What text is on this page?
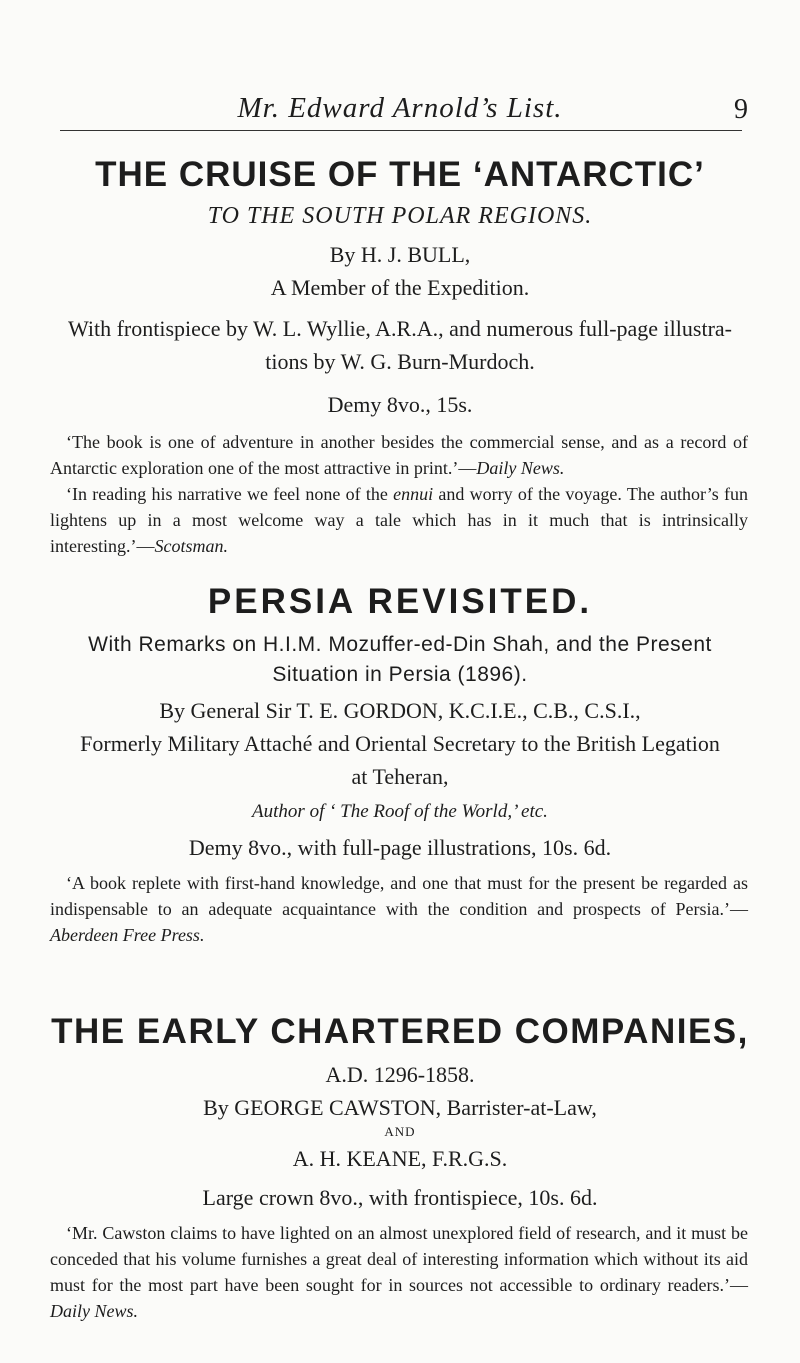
Mr. Edward Arnold’s List.	9
THE CRUISE OF THE ‘ANTARCTIC’
TO THE SOUTH POLAR REGIONS.
By H. J. BULL,
A Member of the Expedition.
With frontispiece by W. L. Wyllie, A.R.A., and numerous full-page illustra-
tions by W. G. Burn-Murdoch.
Demy 8vo., 15s.

‘The book is one of adventure in another besides the commercial sense, and as a record of Antarctic exploration one of the most attractive in print.’—Daily News.

‘In reading his narrative we feel none of the ennui and worry of the voyage. The author’s fun lightens up in a most welcome way a tale which has in it much that is intrinsically interesting.’—Scotsman.

PERSIA REVISITED.
With Remarks on H.I.M. Mozuffer-ed-Din Shah, and the Present
Situation in Persia (1896).
By General Sir T. E. GORDON, K.C.I.E., C.B., C.S.I.,
Formerly Military Attaché and Oriental Secretary to the British Legation
at Teheran,
Author of ‘ The Roof of the World,’ etc.
Demy 8vo., with full-page illustrations, 10s. 6d.

‘A book replete with first-hand knowledge, and one that must for the present be regarded as indispensable to an adequate acquaintance with the condition and prospects of Persia.’—Aberdeen Free Press.

THE EARLY CHARTERED COMPANIES,
A.D. 1296-1858.
By GEORGE CAWSTON, Barrister-at-Law,
AND
A. H. KEANE, F.R.G.S.
Large crown 8vo., with frontispiece, 10s. 6d.

‘Mr. Cawston claims to have lighted on an almost unexplored field of research, and it must be conceded that his volume furnishes a great deal of interesting information which without its aid must for the most part have been sought for in sources not accessible to ordinary readers.’—Daily News.
